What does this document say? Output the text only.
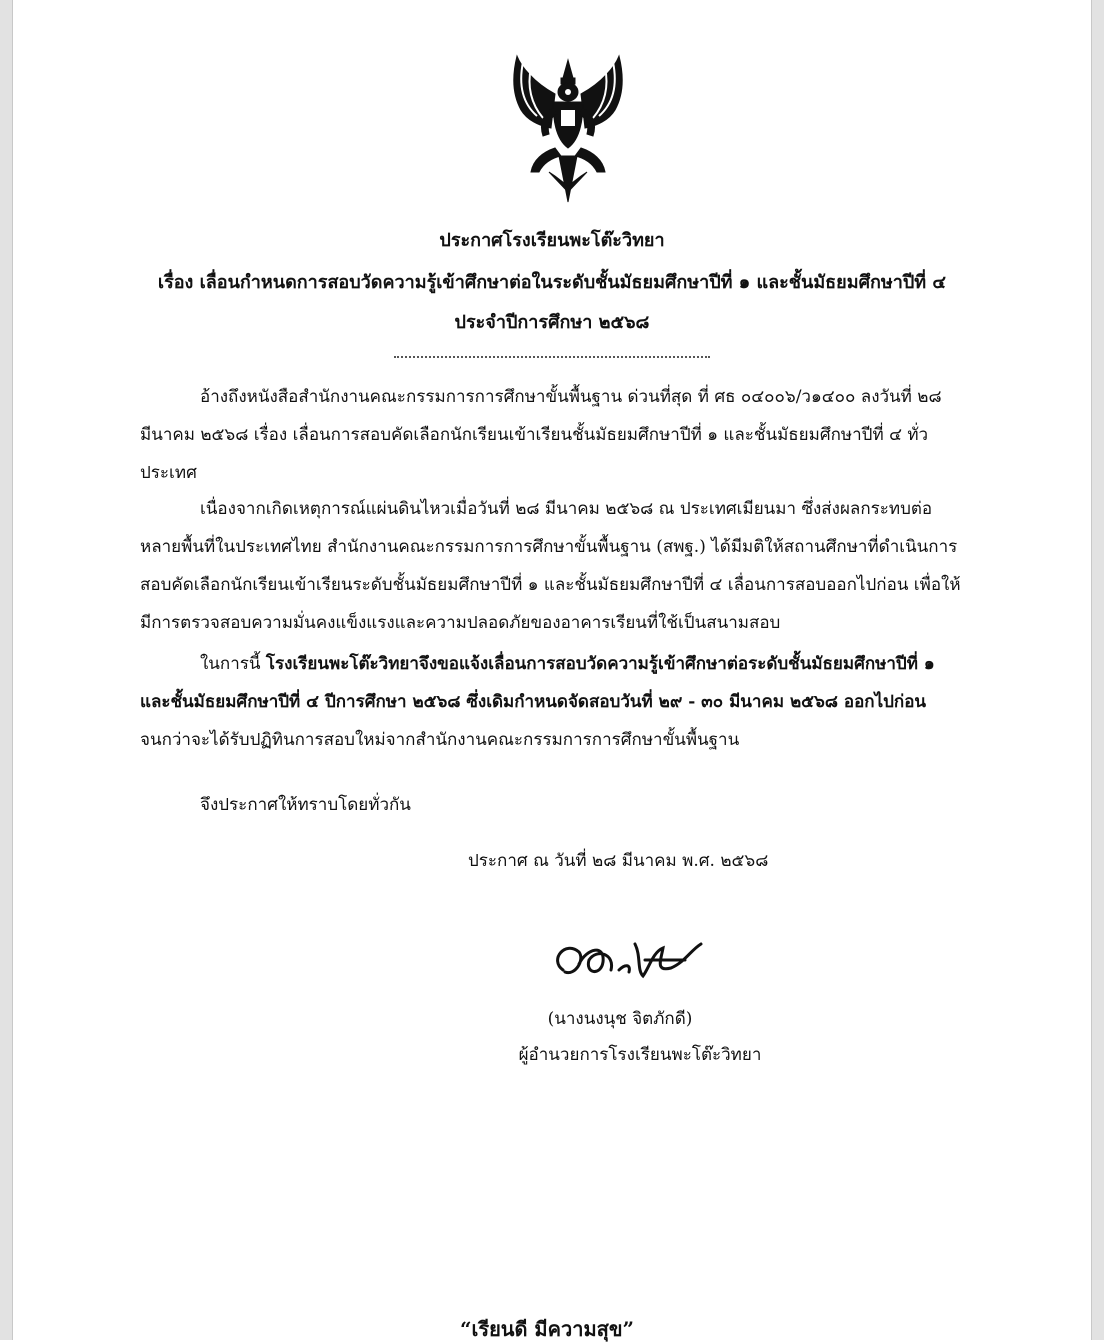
ประกาศโรงเรียนพะโต๊ะวิทยา
เรื่อง เลื่อนกำหนดการสอบวัดความรู้เข้าศึกษาต่อในระดับชั้นมัธยมศึกษาปีที่ ๑ และชั้นมัธยมศึกษาปีที่ ๔
ประจำปีการศึกษา ๒๕๖๘
อ้างถึงหนังสือสำนักงานคณะกรรมการการศึกษาขั้นพื้นฐาน ด่วนที่สุด ที่ ศธ ๐๔๐๐๖/ว๑๔๐๐ ลงวันที่ ๒๘ มีนาคม ๒๕๖๘ เรื่อง เลื่อนการสอบคัดเลือกนักเรียนเข้าเรียนชั้นมัธยมศึกษาปีที่ ๑ และชั้นมัธยมศึกษาปีที่ ๔ ทั่วประเทศ
เนื่องจากเกิดเหตุการณ์แผ่นดินไหวเมื่อวันที่ ๒๘ มีนาคม ๒๕๖๘ ณ ประเทศเมียนมา ซึ่งส่งผลกระทบต่อหลายพื้นที่ในประเทศไทย สำนักงานคณะกรรมการการศึกษาขั้นพื้นฐาน (สพฐ.) ได้มีมติให้สถานศึกษาที่ดำเนินการสอบคัดเลือกนักเรียนเข้าเรียนระดับชั้นมัธยมศึกษาปีที่ ๑ และชั้นมัธยมศึกษาปีที่ ๔ เลื่อนการสอบออกไปก่อน เพื่อให้มีการตรวจสอบความมั่นคงแข็งแรงและความปลอดภัยของอาคารเรียนที่ใช้เป็นสนามสอบ
ในการนี้ โรงเรียนพะโต๊ะวิทยาจึงขอแจ้งเลื่อนการสอบวัดความรู้เข้าศึกษาต่อระดับชั้นมัธยมศึกษาปีที่ ๑ และชั้นมัธยมศึกษาปีที่ ๔ ปีการศึกษา ๒๕๖๘ ซึ่งเดิมกำหนดจัดสอบวันที่ ๒๙ - ๓๐ มีนาคม ๒๕๖๘ ออกไปก่อน จนกว่าจะได้รับปฏิทินการสอบใหม่จากสำนักงานคณะกรรมการการศึกษาขั้นพื้นฐาน
จึงประกาศให้ทราบโดยทั่วกัน
ประกาศ ณ วันที่ ๒๘ มีนาคม พ.ศ. ๒๕๖๘
(นางนงนุช จิตภักดี)
ผู้อำนวยการโรงเรียนพะโต๊ะวิทยา
“เรียนดี มีความสุข”
